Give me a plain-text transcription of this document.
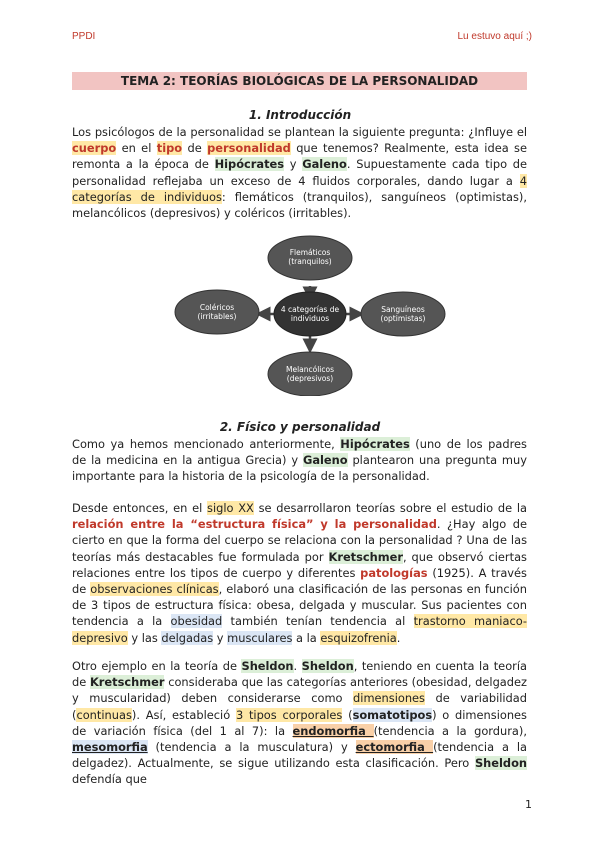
PPDI	Lu estuvo aquí ;)
TEMA 2: TEORÍAS BIOLÓGICAS DE LA PERSONALIDAD
1. Introducción

Los psicólogos de la personalidad se plantean la siguiente pregunta: ¿Influye el cuerpo en el tipo de personalidad que tenemos? Realmente, esta idea se remonta a la época de Hipócrates y Galeno. Supuestamente cada tipo de personalidad reflejaba un exceso de 4 fluidos corporales, dando lugar a 4 categorías de individuos: flemáticos (tranquilos), sanguíneos (optimistas), melancólicos (depresivos) y coléricos (irritables).

Flemáticos
(tranquilos)
Sanguíneos
(optimistas)
Melancólicos
(depresivos)
Coléricos
(irritables)
4 categorías de
individuos
2. Físico y personalidad

Como ya hemos mencionado anteriormente, Hipócrates (uno de los padres de la medicina en la antigua Grecia) y Galeno plantearon una pregunta muy importante para la historia de la psicología de la personalidad.

Desde entonces, en el siglo XX se desarrollaron teorías sobre el estudio de la relación entre la “estructura física” y la personalidad. ¿Hay algo de cierto en que la forma del cuerpo se relaciona con la personalidad ? Una de las teorías más destacables fue formulada por Kretschmer, que observó ciertas relaciones entre los tipos de cuerpo y diferentes patologías (1925). A través de observaciones clínicas, elaboró una clasificación de las personas en función de 3 tipos de estructura física: obesa, delgada y muscular. Sus pacientes con tendencia a la obesidad también tenían tendencia al trastorno maniaco-depresivo y las delgadas y musculares a la esquizofrenia.

Otro ejemplo en la teoría de Sheldon. Sheldon, teniendo en cuenta la teoría de Kretschmer consideraba que las categorías anteriores (obesidad, delgadez y muscularidad) deben considerarse como dimensiones de variabilidad (continuas). Así, estableció 3 tipos corporales (somatotipos) o dimensiones de variación física (del 1 al 7): la endomorfia (tendencia a la gordura), mesomorfia (tendencia a la musculatura) y ectomorfia (tendencia a la delgadez). Actualmente, se sigue utilizando esta clasificación. Pero Sheldon defendía que

1
